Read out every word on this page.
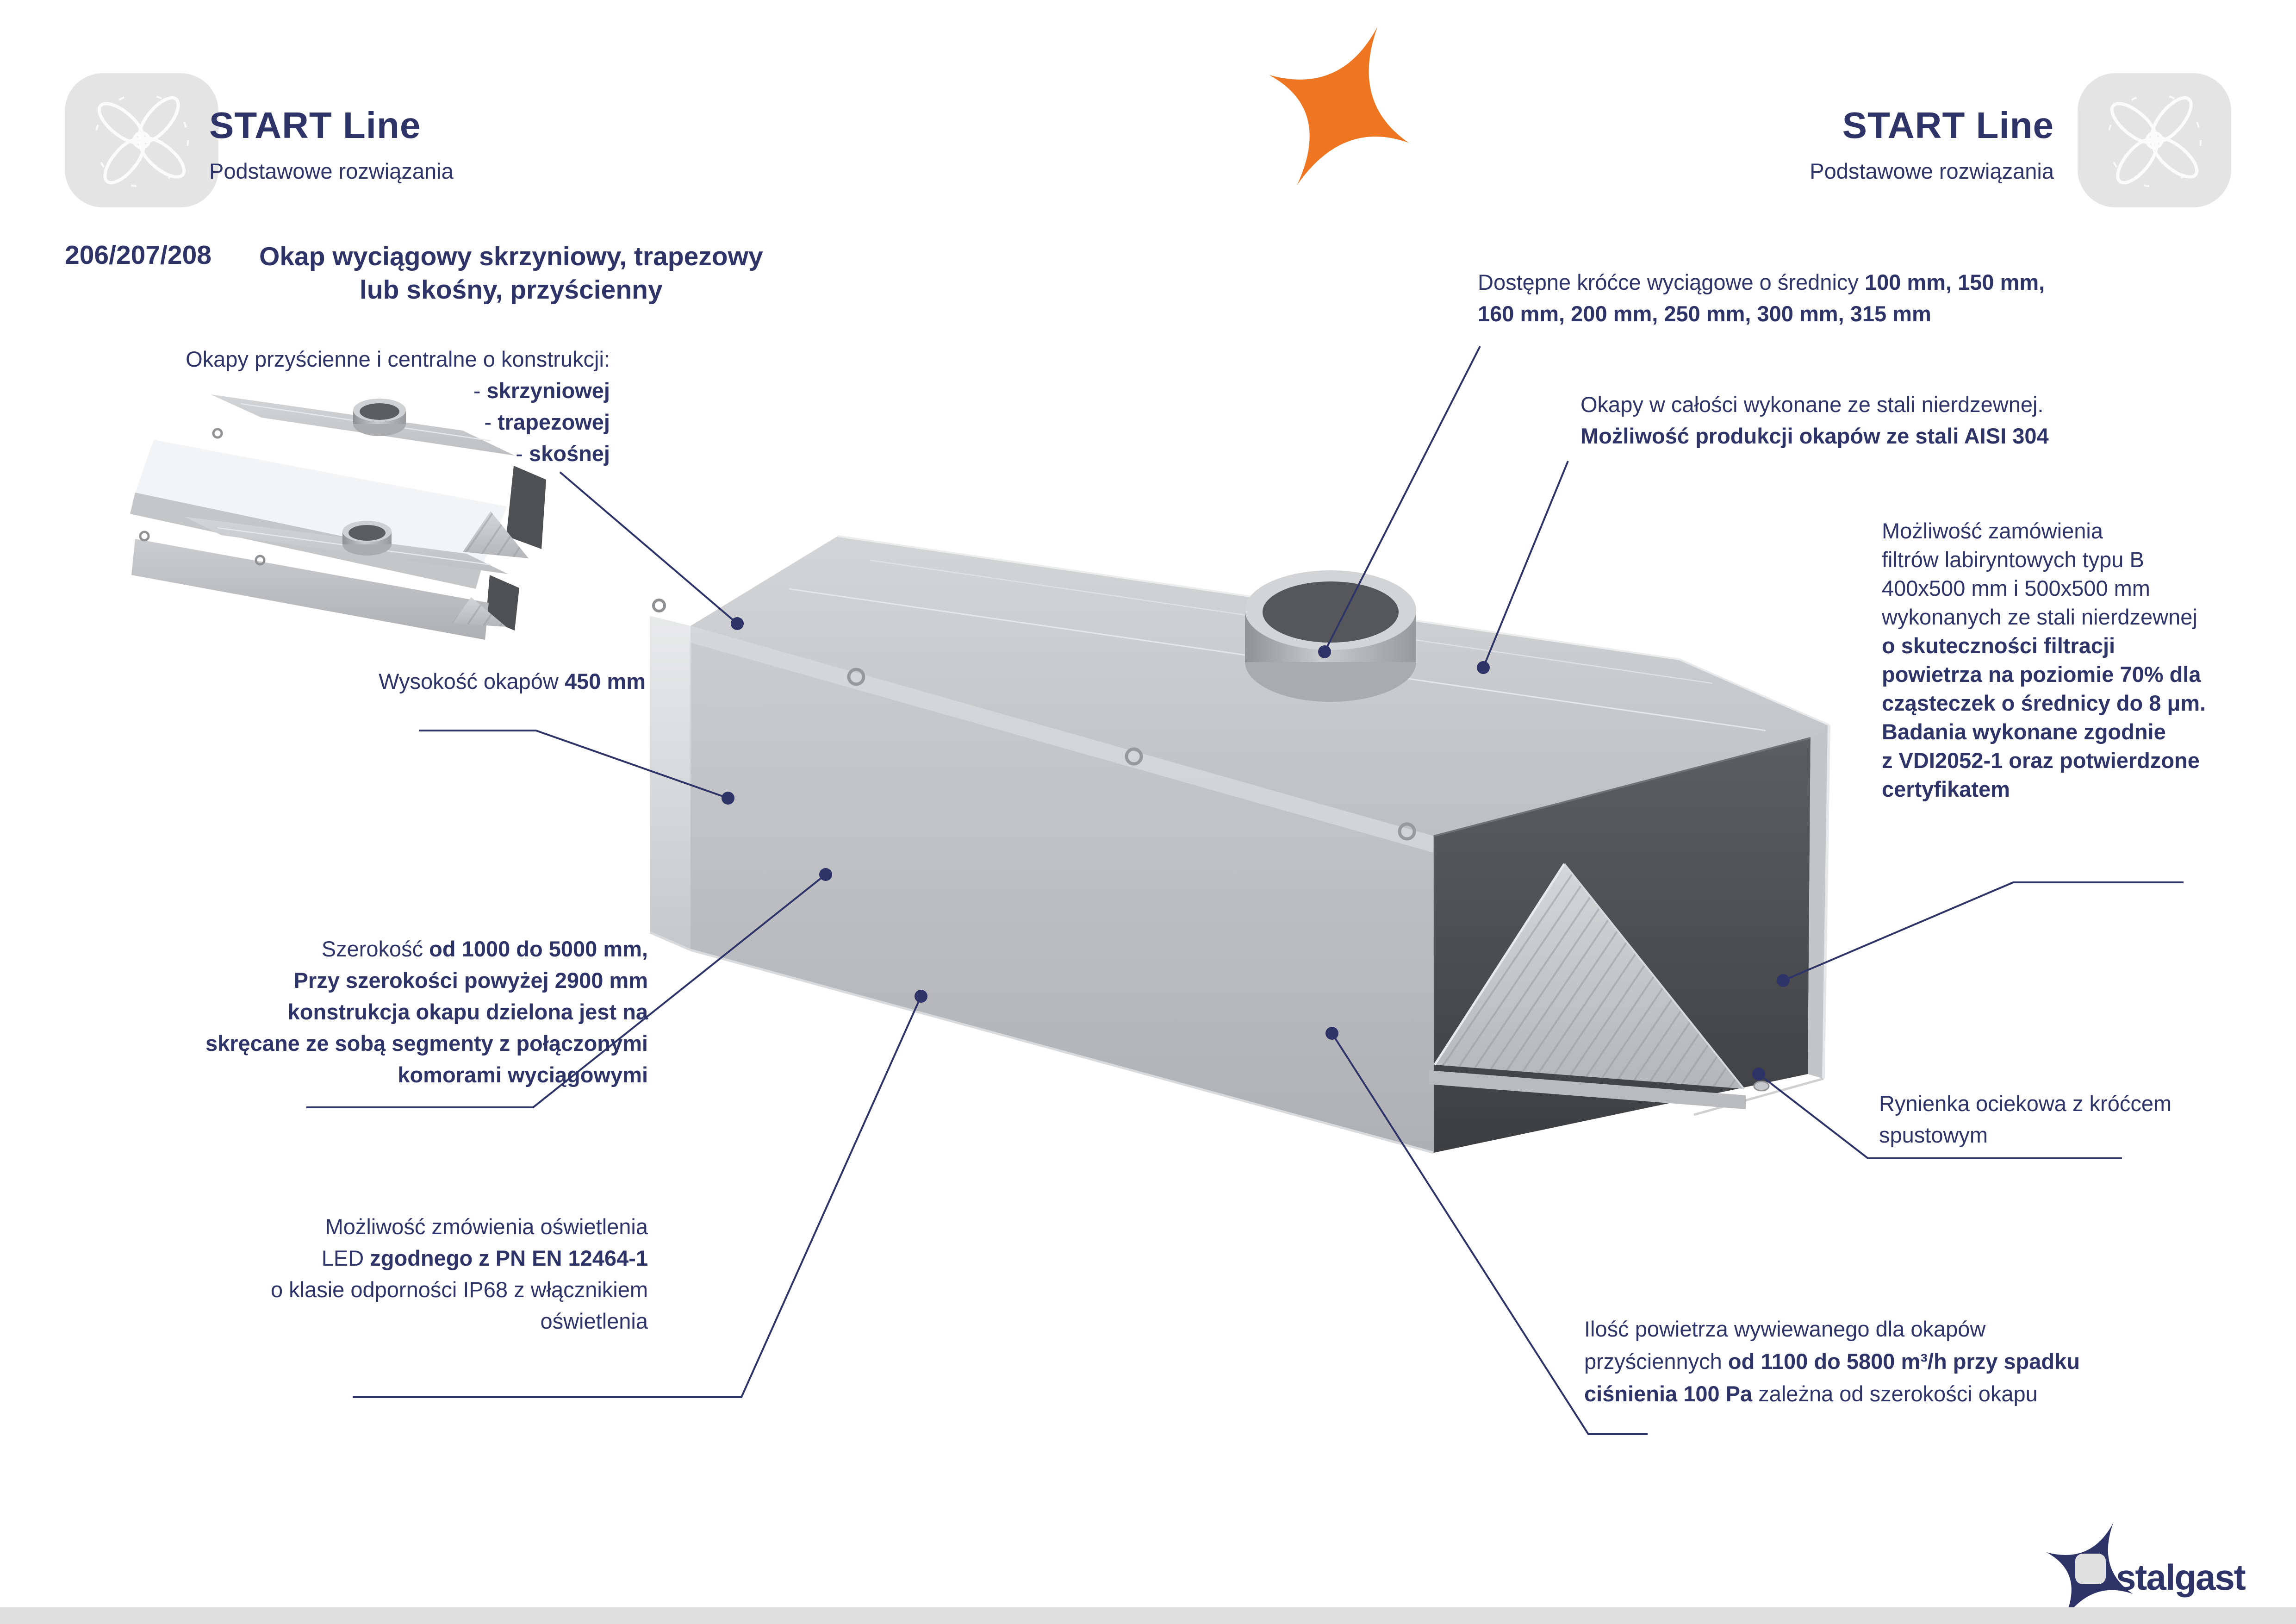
START Line
Podstawowe rozwiązania
START Line
Podstawowe rozwiązania
206/207/208 Okap wyciągowy skrzyniowy, trapezowy
lub skośny, przyścienny
Okapy przyścienne i centralne o konstrukcji:
- skrzyniowej
- trapezowej
- skośnej
Wysokość okapów 450 mm
Szerokość od 1000 do 5000 mm,
Przy szerokości powyżej 2900 mm
konstrukcja okapu dzielona jest na
skręcane ze sobą segmenty z połączonymi
komorami wyciągowymi
Możliwość zmówienia oświetlenia
LED zgodnego z PN EN 12464-1
o klasie odporności IP68 z włącznikiem
oświetlenia
Dostępne króćce wyciągowe o średnicy 100 mm, 150 mm,
160 mm, 200 mm, 250 mm, 300 mm, 315 mm
Okapy w całości wykonane ze stali nierdzewnej.
Możliwość produkcji okapów ze stali AISI 304
Możliwość zamówienia
filtrów labiryntowych typu B
400x500 mm i 500x500 mm
wykonanych ze stali nierdzewnej
o skuteczności filtracji
powietrza na poziomie 70% dla
cząsteczek o średnicy do 8 μm.
Badania wykonane zgodnie
z VDI2052-1 oraz potwierdzone
certyfikatem
Rynienka ociekowa z króćcem
spustowym
Ilość powietrza wywiewanego dla okapów
przyściennych od 1100 do 5800 m³/h przy spadku
ciśnienia 100 Pa zależna od szerokości okapu
stalgast
